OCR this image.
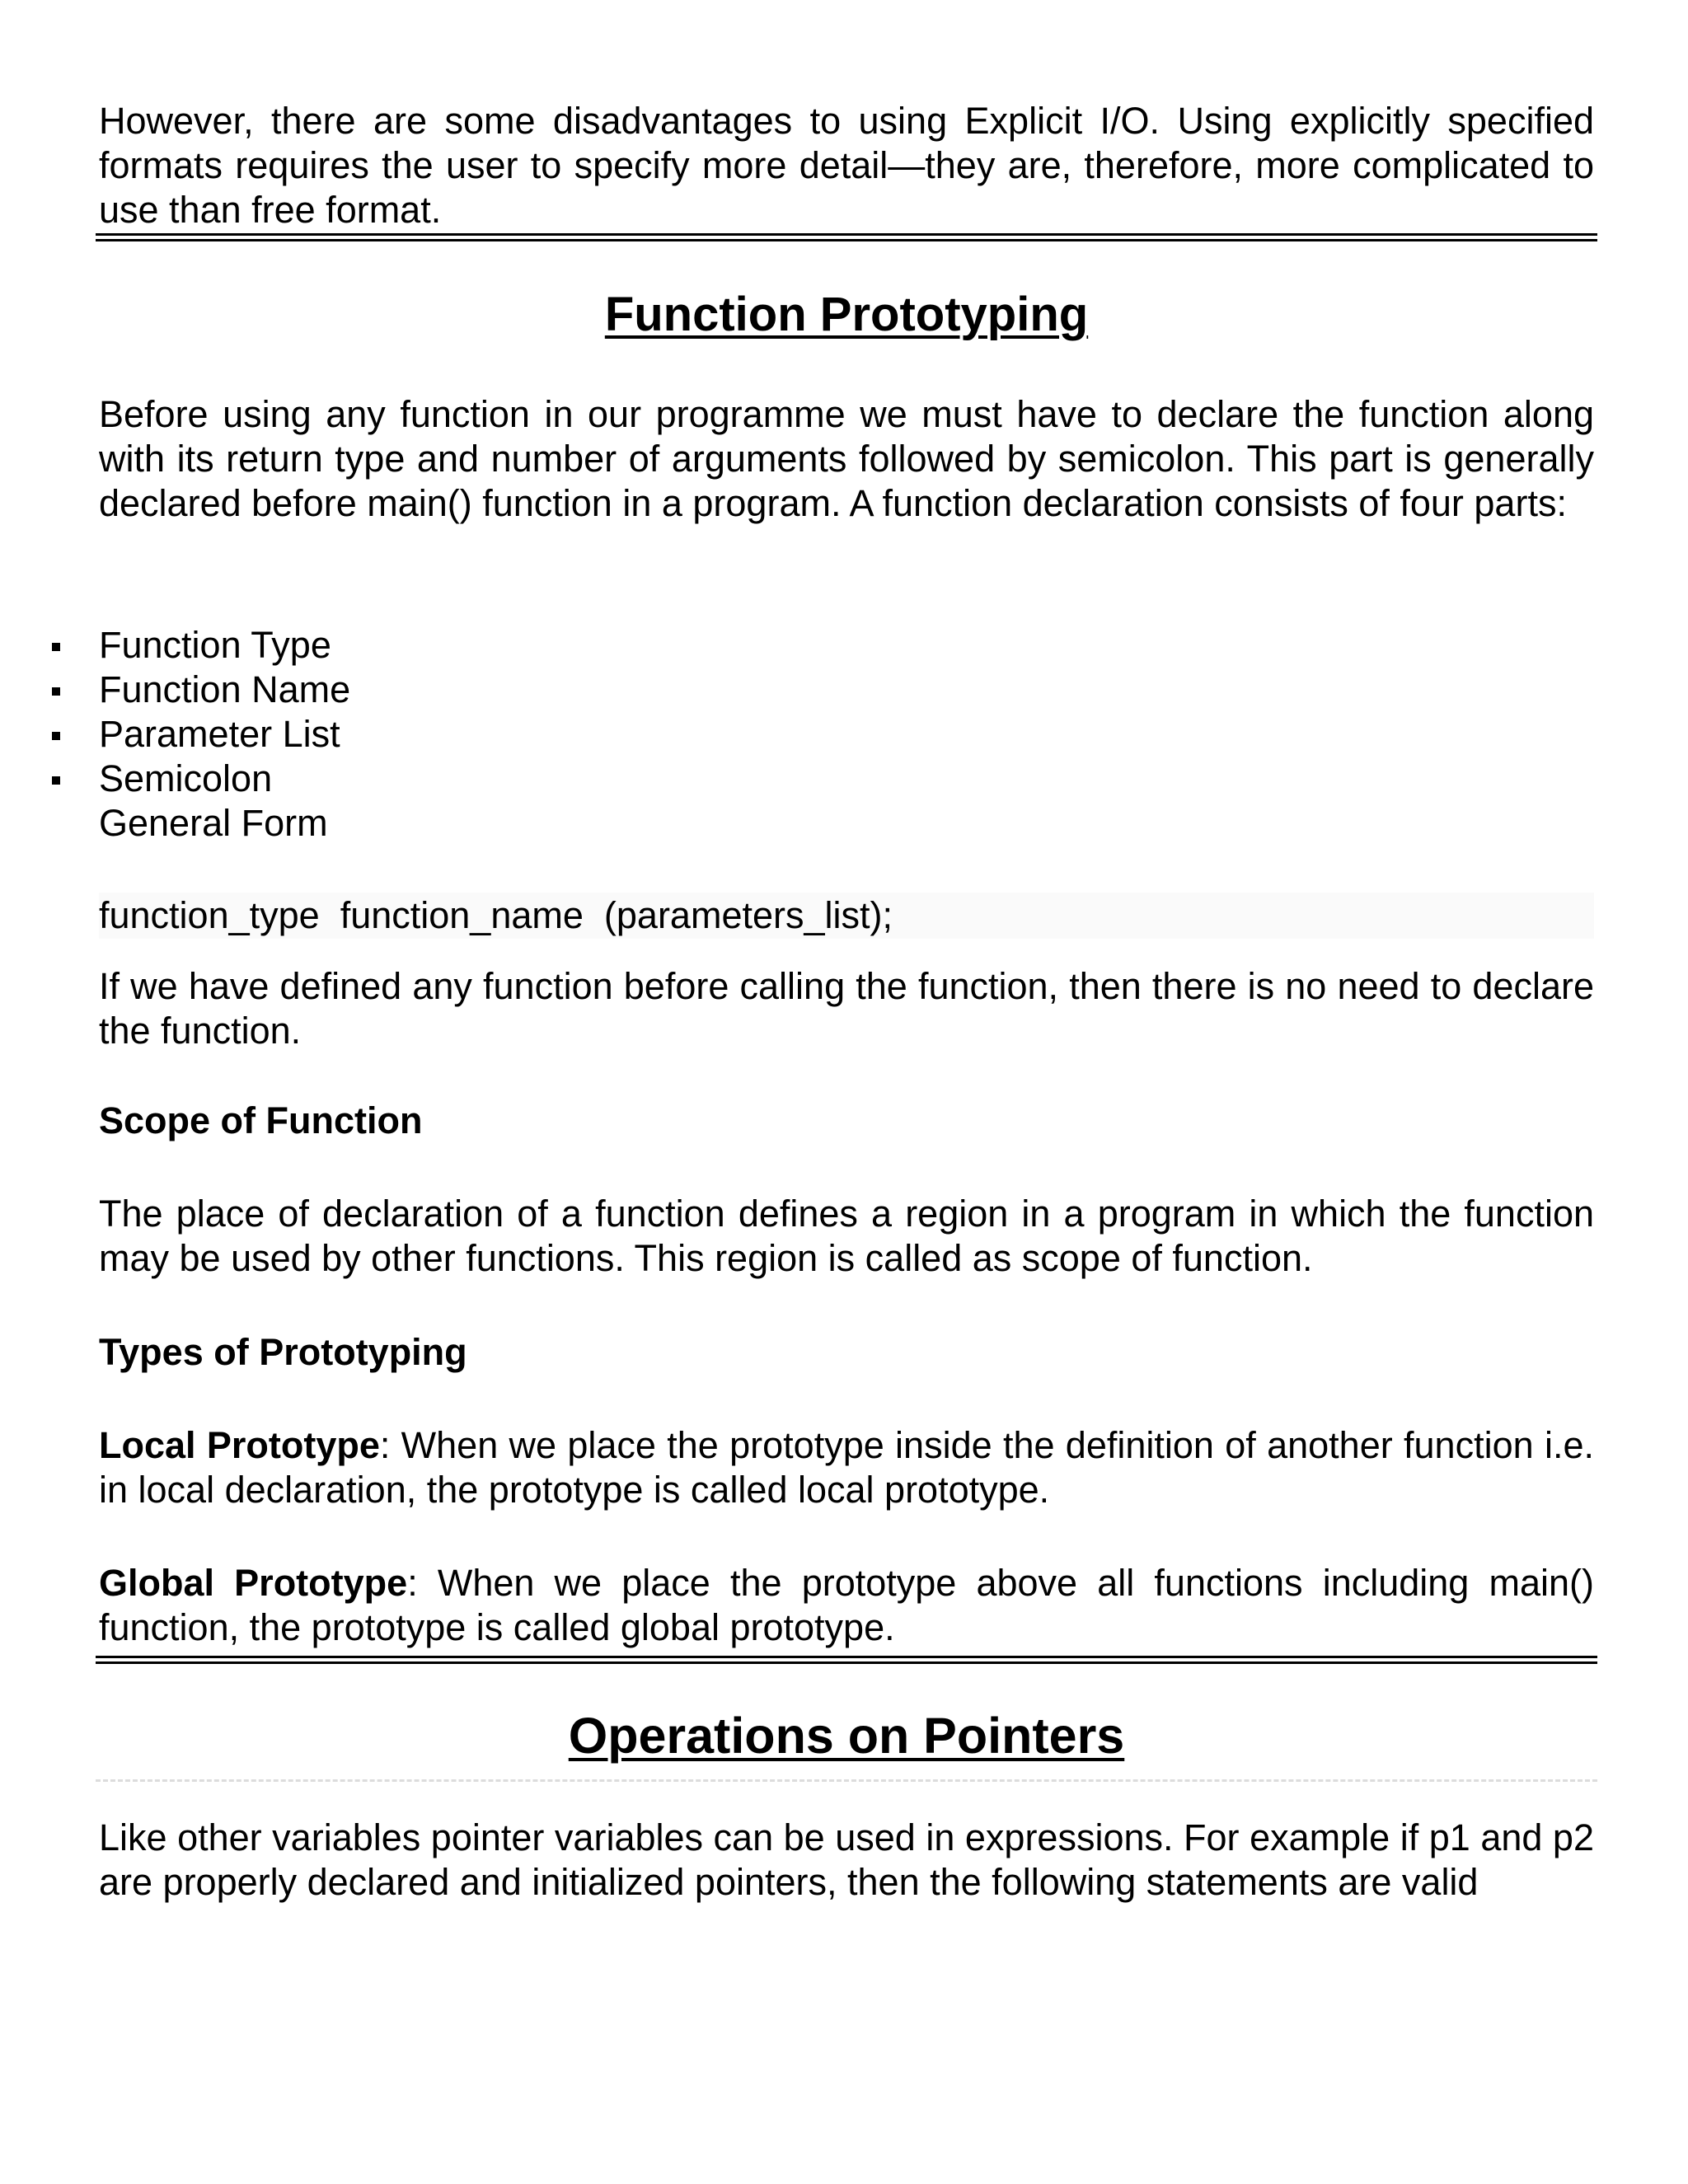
However, there are some disadvantages to using Explicit I/O. Using explicitly specified formats requires the user to specify more detail—they are, therefore, more complicated to use than free format.

Function Prototyping

Before using any function in our programme we must have to declare the function along with its return type and number of arguments followed by semicolon. This part is generally declared before main() function in a program. A function declaration consists of four parts:

Function Type
Function Name
Parameter List
Semicolon
General Form
function_type  function_name  (parameters_list);

If we have defined any function before calling the function, then there is no need to declare the function.

Scope of Function

The place of declaration of a function defines a region in a program in which the function may be used by other functions. This region is called as scope of function.

Types of Prototyping

Local Prototype: When we place the prototype inside the definition of another function i.e. in local declaration, the prototype is called local prototype.

Global Prototype: When we place the prototype above all functions including main() function, the prototype is called global prototype.

Operations on Pointers

Like other variables pointer variables can be used in expressions. For example if p1 and p2 are properly declared and initialized pointers, then the following statements are valid
